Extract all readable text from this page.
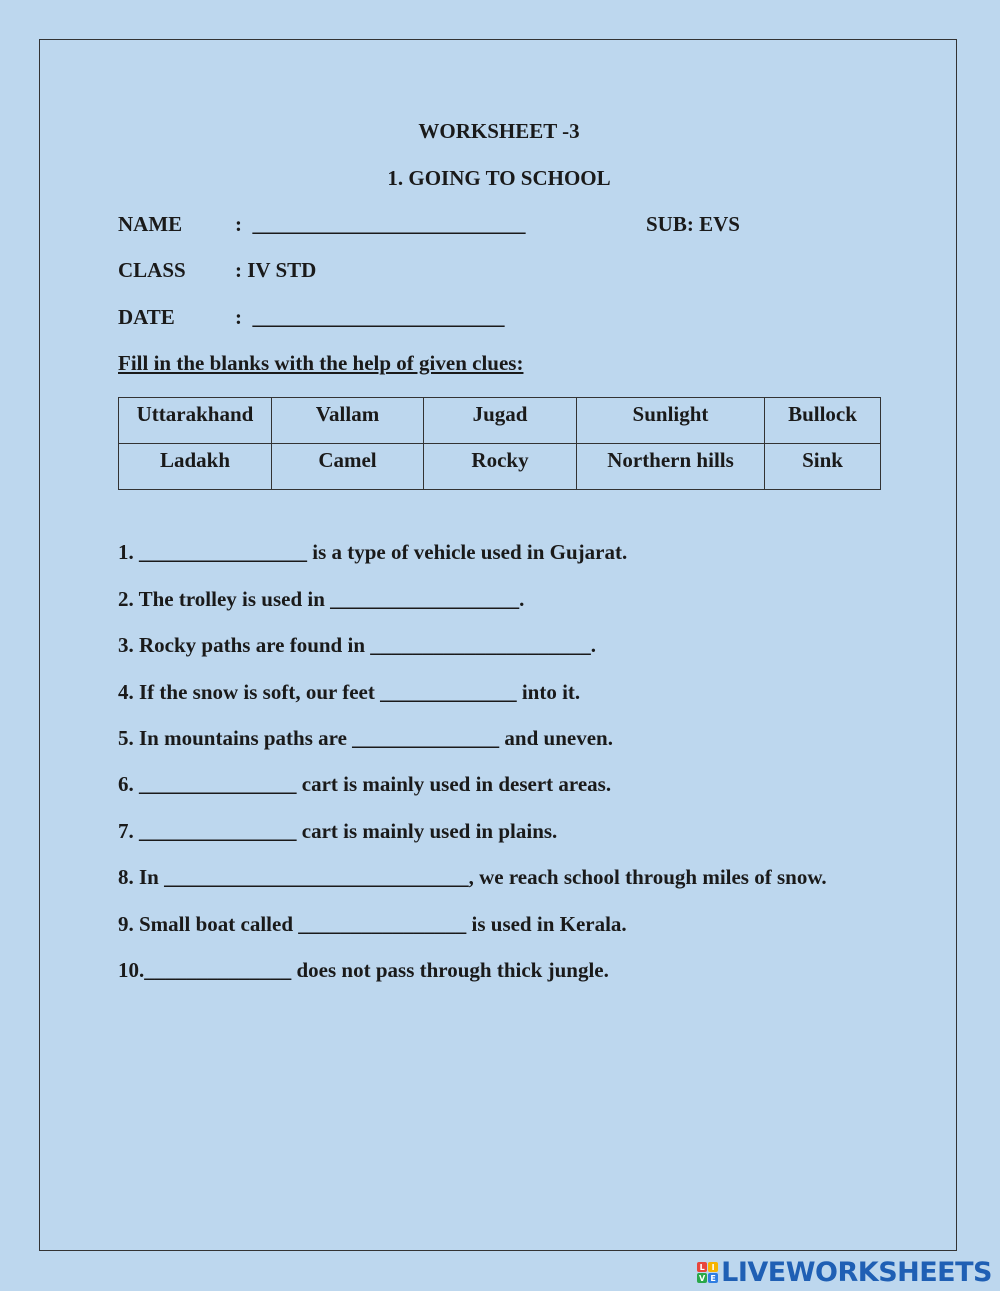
WORKSHEET -3
1. GOING TO SCHOOL
NAME	:  __________________________	SUB: EVS
CLASS : IV STD
DATE	:  ________________________
Fill in the blanks with the help of given clues:
Uttarakhand	Vallam	Jugad	Sunlight	Bullock
Ladakh	Camel	Rocky	Northern hills	Sink
1. ________________ is a type of vehicle used in Gujarat.
2. The trolley is used in __________________.
3. Rocky paths are found in _____________________.
4. If the snow is soft, our feet _____________ into it.
5. In mountains paths are ______________ and uneven.
6. _______________ cart is mainly used in desert areas.
7. _______________ cart is mainly used in plains.
8. In _____________________________, we reach school through miles of snow.
9. Small boat called ________________ is used in Kerala.
10.______________ does not pass through thick jungle.
L I
V E LIVEWORKSHEETS
